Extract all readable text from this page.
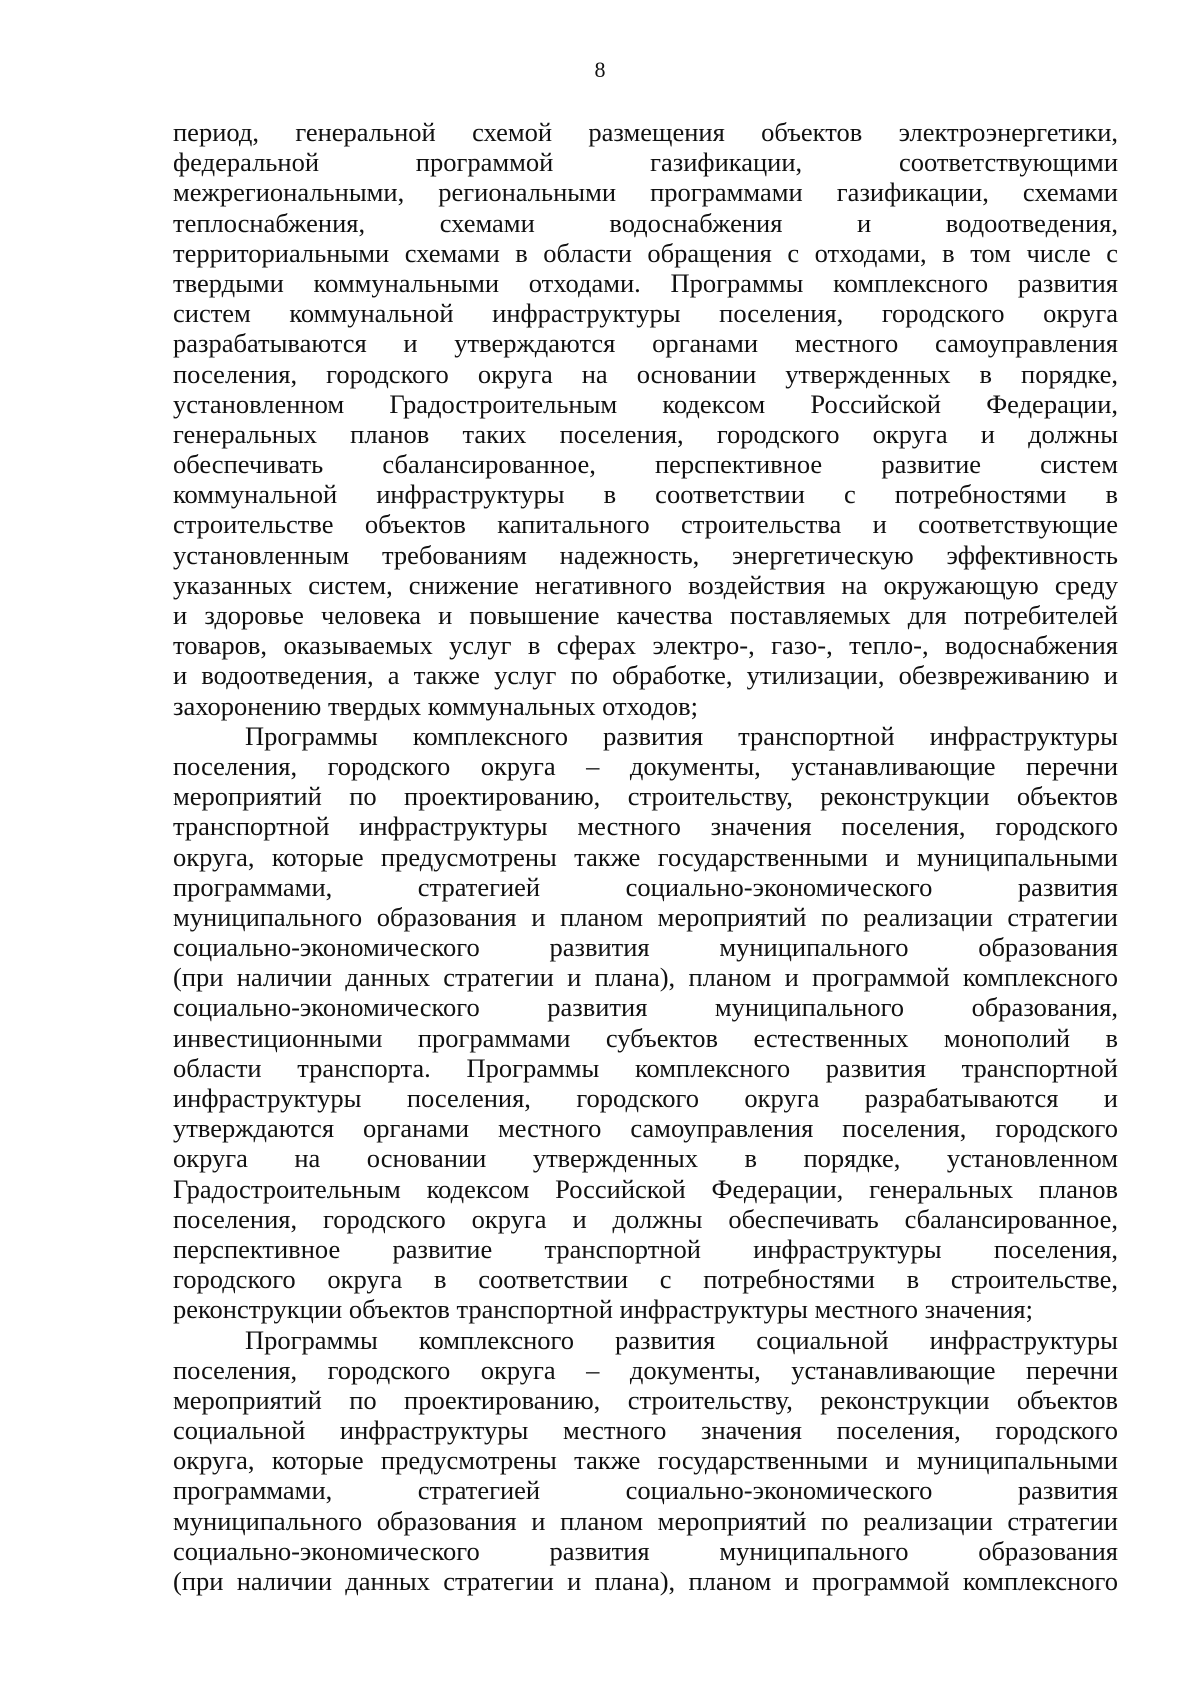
8
период, генеральной схемой размещения объектов электроэнергетики,
федеральной программой газификации, соответствующими
межрегиональными, региональными программами газификации, схемами
теплоснабжения, схемами водоснабжения и водоотведения,
территориальными схемами в области обращения с отходами, в том числе с
твердыми коммунальными отходами. Программы комплексного развития
систем коммунальной инфраструктуры поселения, городского округа
разрабатываются и утверждаются органами местного самоуправления
поселения, городского округа на основании утвержденных в порядке,
установленном Градостроительным кодексом Российской Федерации,
генеральных планов таких поселения, городского округа и должны
обеспечивать сбалансированное, перспективное развитие систем
коммунальной инфраструктуры в соответствии с потребностями в
строительстве объектов капитального строительства и соответствующие
установленным требованиям надежность, энергетическую эффективность
указанных систем, снижение негативного воздействия на окружающую среду
и здоровье человека и повышение качества поставляемых для потребителей
товаров, оказываемых услуг в сферах электро-, газо-, тепло-, водоснабжения
и водоотведения, а также услуг по обработке, утилизации, обезвреживанию и
захоронению твердых коммунальных отходов;
Программы комплексного развития транспортной инфраструктуры
поселения, городского округа – документы, устанавливающие перечни
мероприятий по проектированию, строительству, реконструкции объектов
транспортной инфраструктуры местного значения поселения, городского
округа, которые предусмотрены также государственными и муниципальными
программами, стратегией социально-экономического развития
муниципального образования и планом мероприятий по реализации стратегии
социально-экономического развития муниципального образования
(при наличии данных стратегии и плана), планом и программой комплексного
социально-экономического развития муниципального образования,
инвестиционными программами субъектов естественных монополий в
области транспорта. Программы комплексного развития транспортной
инфраструктуры поселения, городского округа разрабатываются и
утверждаются органами местного самоуправления поселения, городского
округа на основании утвержденных в порядке, установленном
Градостроительным кодексом Российской Федерации, генеральных планов
поселения, городского округа и должны обеспечивать сбалансированное,
перспективное развитие транспортной инфраструктуры поселения,
городского округа в соответствии с потребностями в строительстве,
реконструкции объектов транспортной инфраструктуры местного значения;
Программы комплексного развития социальной инфраструктуры
поселения, городского округа – документы, устанавливающие перечни
мероприятий по проектированию, строительству, реконструкции объектов
социальной инфраструктуры местного значения поселения, городского
округа, которые предусмотрены также государственными и муниципальными
программами, стратегией социально-экономического развития
муниципального образования и планом мероприятий по реализации стратегии
социально-экономического развития муниципального образования
(при наличии данных стратегии и плана), планом и программой комплексного
